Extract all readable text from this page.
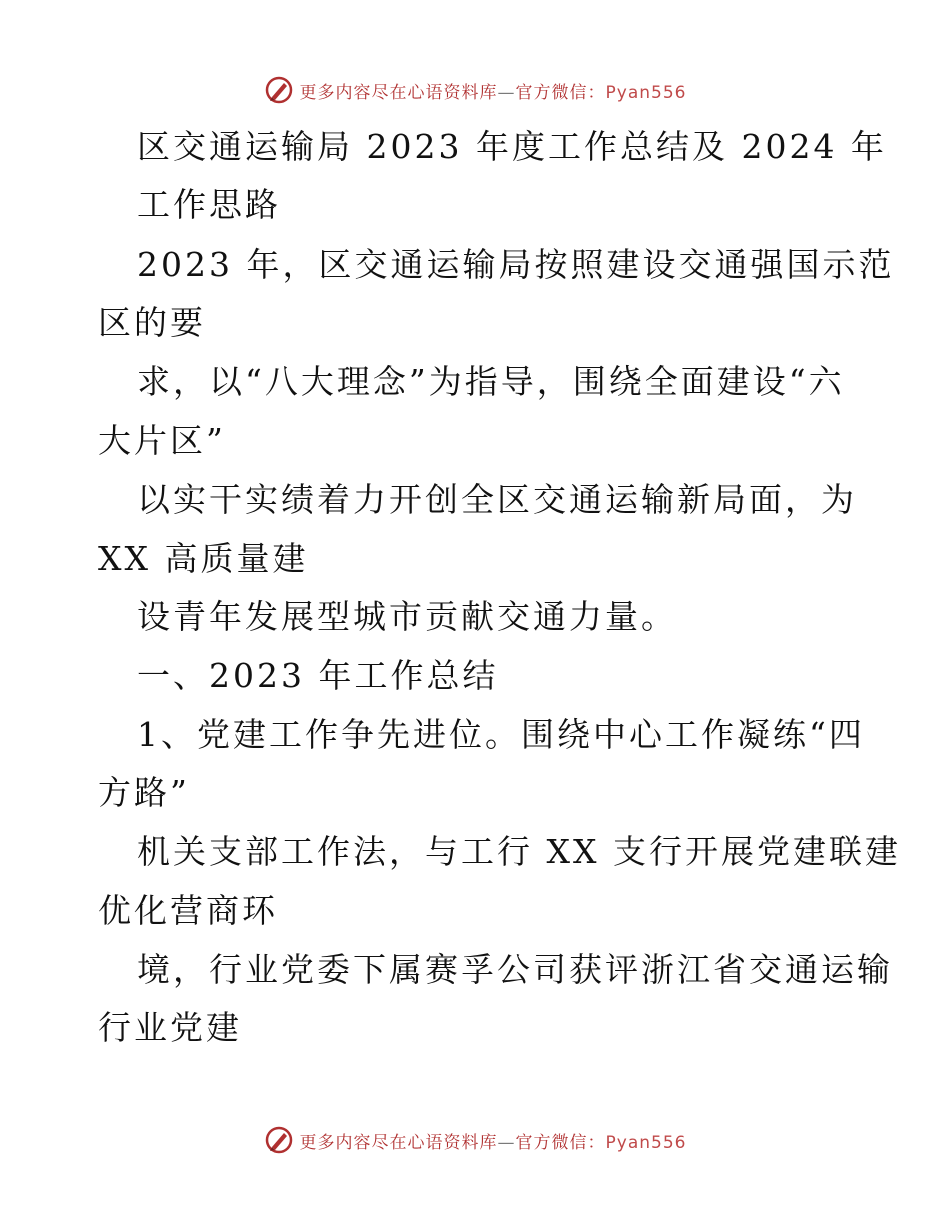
更多内容尽在心语资料库—官方微信：Pyan556
区交通运输局 2023 年度工作总结及 2024 年
工作思路
2023 年，区交通运输局按照建设交通强国示范
区的要
求，以“八大理念”为指导，围绕全面建设“六
大片区”
以实干实绩着力开创全区交通运输新局面，为
XX 高质量建
设青年发展型城市贡献交通力量。
一、2023 年工作总结
1、党建工作争先进位。围绕中心工作凝练“四
方路”
机关支部工作法，与工行 XX 支行开展党建联建
优化营商环
境，行业党委下属赛孚公司获评浙江省交通运输
行业党建
更多内容尽在心语资料库—官方微信：Pyan556
